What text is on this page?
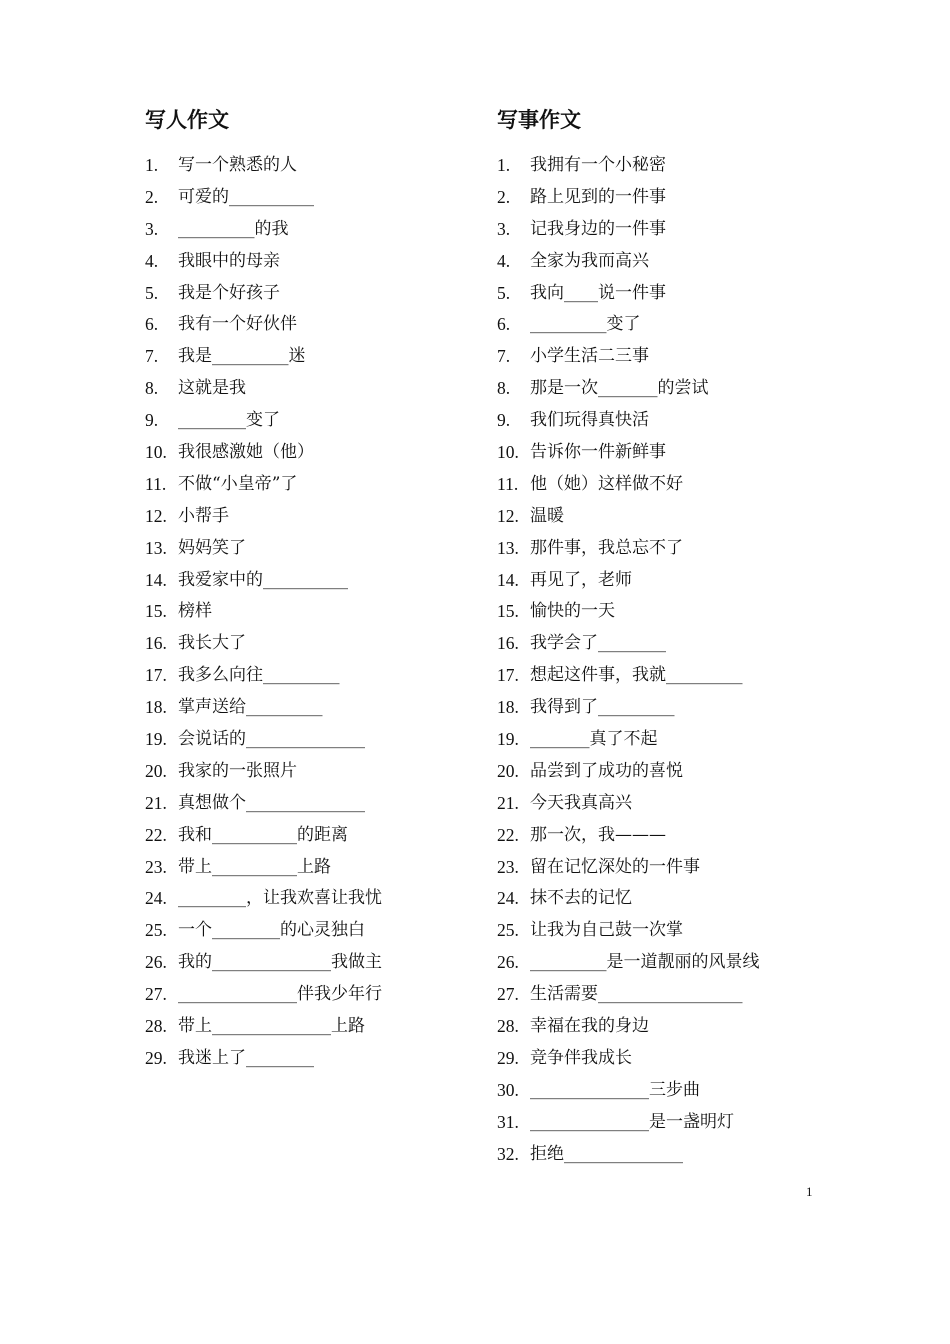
写人作文
1.	写一个熟悉的人
2.	可爱的__________
3.	_________的我
4.	我眼中的母亲
5.	我是个好孩子
6.	我有一个好伙伴
7.	我是_________迷
8.	这就是我
9.	________变了
10. 我很感激她（他）
11. 不做“小皇帝”了
12. 小帮手
13. 妈妈笑了
14. 我爱家中的__________
15. 榜样
16. 我长大了
17. 我多么向往_________
18. 掌声送给_________
19. 会说话的______________
20. 我家的一张照片
21. 真想做个______________
22. 我和__________的距离
23. 带上__________上路
24. ________，让我欢喜让我忧
25. 一个________的心灵独白
26. 我的______________我做主
27. ______________伴我少年行
28. 带上______________上路
29. 我迷上了________
写事作文
1.	我拥有一个小秘密
2.	路上见到的一件事
3.	记我身边的一件事
4.	全家为我而高兴
5.	我向____说一件事
6.	_________变了
7.	小学生活二三事
8.	那是一次_______的尝试
9.	我们玩得真快活
10. 告诉你一件新鲜事
11. 他（她）这样做不好
12. 温暖
13. 那件事，我总忘不了
14. 再见了，老师
15. 愉快的一天
16. 我学会了________
17. 想起这件事，我就_________
18. 我得到了_________
19. _______真了不起
20. 品尝到了成功的喜悦
21. 今天我真高兴
22. 那一次，我———
23. 留在记忆深处的一件事
24. 抹不去的记忆
25. 让我为自己鼓一次掌
26. _________是一道靓丽的风景线
27. 生活需要_________________
28. 幸福在我的身边
29. 竞争伴我成长
30. ______________三步曲
31. ______________是一盏明灯
32. 拒绝______________
1
